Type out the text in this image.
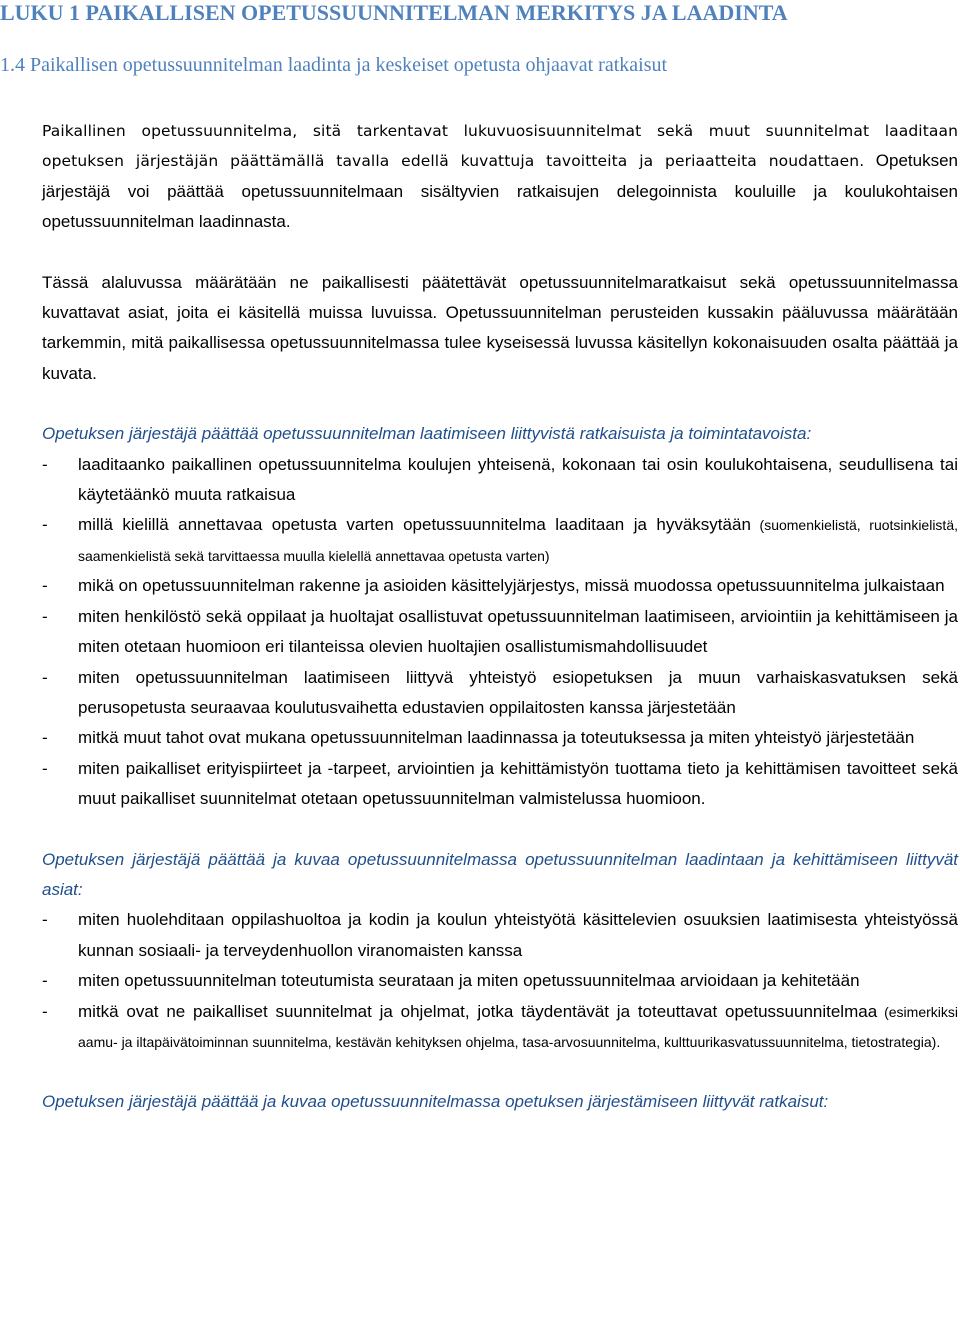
LUKU 1 PAIKALLISEN OPETUSSUUNNITELMAN MERKITYS JA LAADINTA
1.4 Paikallisen opetussuunnitelman laadinta ja keskeiset opetusta ohjaavat ratkaisut

Paikallinen opetussuunnitelma, sitä tarkentavat lukuvuosisuunnitelmat sekä muut suunnitelmat laaditaan opetuksen järjestäjän päättämällä tavalla edellä kuvattuja tavoitteita ja periaatteita noudattaen. Opetuksen järjestäjä voi päättää opetussuunnitelmaan sisältyvien ratkaisujen delegoinnista kouluille ja koulukohtaisen opetussuunnitelman laadinnasta.

Tässä alaluvussa määrätään ne paikallisesti päätettävät opetussuunnitelmaratkaisut sekä opetussuunnitelmassa kuvattavat asiat, joita ei käsitellä muissa luvuissa. Opetussuunnitelman perusteiden kussakin pääluvussa määrätään tarkemmin, mitä paikallisessa opetussuunnitelmassa tulee kyseisessä luvussa käsitellyn kokonaisuuden osalta päättää ja kuvata.

Opetuksen järjestäjä päättää opetussuunnitelman laatimiseen liittyvistä ratkaisuista ja toimintatavoista:

- laaditaanko paikallinen opetussuunnitelma koulujen yhteisenä, kokonaan tai osin koulukohtaisena, seudullisena tai käytetäänkö muuta ratkaisua
- millä kielillä annettavaa opetusta varten opetussuunnitelma laaditaan ja hyväksytään (suomenkielistä, ruotsinkielistä, saamenkielistä sekä tarvittaessa muulla kielellä annettavaa opetusta varten)
- mikä on opetussuunnitelman rakenne ja asioiden käsittelyjärjestys, missä muodossa opetussuunnitelma julkaistaan
- miten henkilöstö sekä oppilaat ja huoltajat osallistuvat opetussuunnitelman laatimiseen, arviointiin ja kehittämiseen ja miten otetaan huomioon eri tilanteissa olevien huoltajien osallistumismahdollisuudet
- miten opetussuunnitelman laatimiseen liittyvä yhteistyö esiopetuksen ja muun varhaiskasvatuksen sekä perusopetusta seuraavaa koulutusvaihetta edustavien oppilaitosten kanssa järjestetään
- mitkä muut tahot ovat mukana opetussuunnitelman laadinnassa ja toteutuksessa ja miten yhteistyö järjestetään
- miten paikalliset erityispiirteet ja -tarpeet, arviointien ja kehittämistyön tuottama tieto ja kehittämisen tavoitteet sekä muut paikalliset suunnitelmat otetaan opetussuunnitelman valmistelussa huomioon.

Opetuksen järjestäjä päättää ja kuvaa opetussuunnitelmassa opetussuunnitelman laadintaan ja kehittämiseen liittyvät asiat:

- miten huolehditaan oppilashuoltoa ja kodin ja koulun yhteistyötä käsittelevien osuuksien laatimisesta yhteistyössä kunnan sosiaali- ja terveydenhuollon viranomaisten kanssa
- miten opetussuunnitelman toteutumista seurataan ja miten opetussuunnitelmaa arvioidaan ja kehitetään
- mitkä ovat ne paikalliset suunnitelmat ja ohjelmat, jotka täydentävät ja toteuttavat opetussuunnitelmaa (esimerkiksi aamu- ja iltapäivätoiminnan suunnitelma, kestävän kehityksen ohjelma, tasa-arvosuunnitelma, kulttuurikasvatussuunnitelma, tietostrategia).

Opetuksen järjestäjä päättää ja kuvaa opetussuunnitelmassa opetuksen järjestämiseen liittyvät ratkaisut:
